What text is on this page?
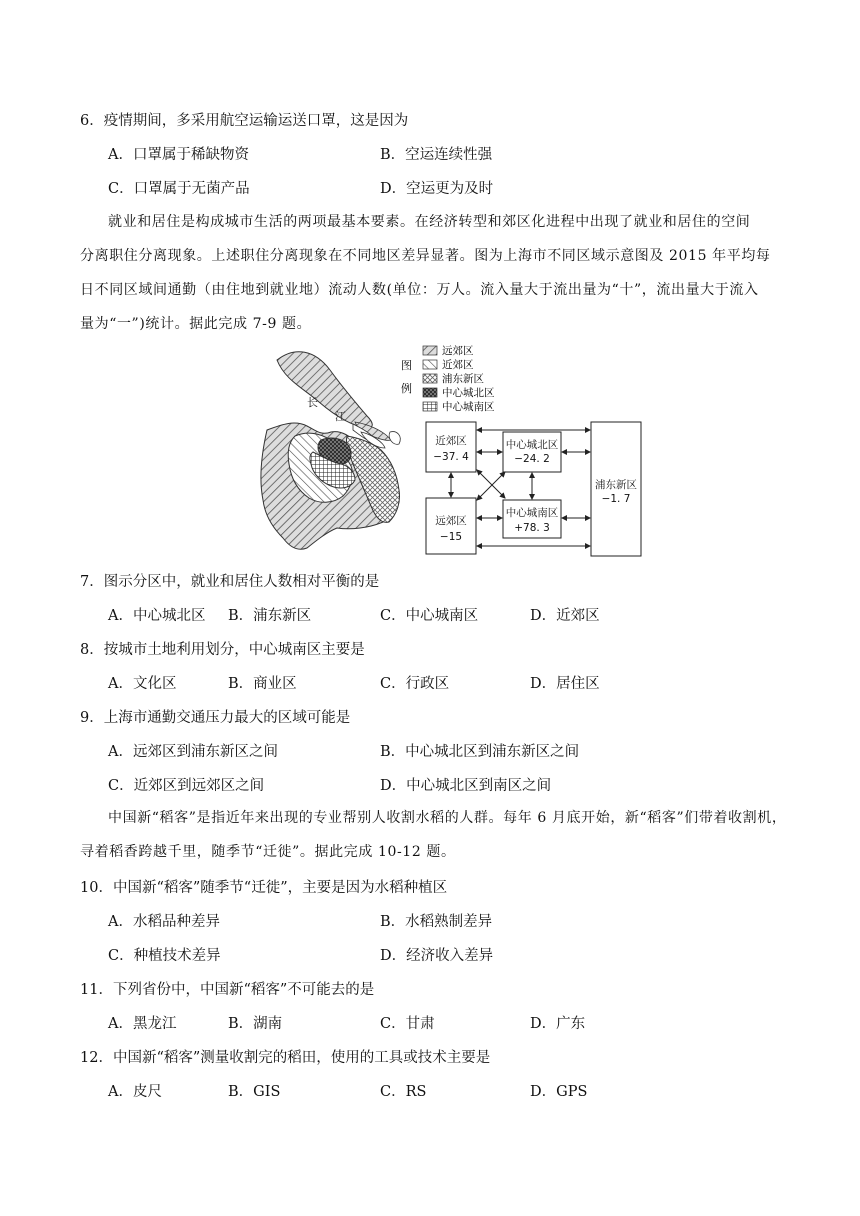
6．疫情期间，多采用航空运输运送口罩，这是因为
A．口罩属于稀缺物资	B．空运连续性强
C．口罩属于无菌产品	D．空运更为及时
就业和居住是构成城市生活的两项最基本要素。在经济转型和郊区化进程中出现了就业和居住的空间
分离职住分离现象。上述职住分离现象在不同地区差异显著。图为上海市不同区域示意图及 2015 年平均每
日不同区域间通勤（由住地到就业地）流动人数(单位：万人。流入量大于流出量为“十”，流出量大于流入
量为“一”)统计。据此完成 7-9 题。
长
江
图
例
远郊区
近郊区
浦东新区
中心城北区
中心城南区
近郊区
−37. 4
中心城北区
−24. 2
远郊区
−15
中心城南区
+78. 3
浦东新区
−1. 7
7．图示分区中，就业和居住人数相对平衡的是
A．中心城北区 B．浦东新区	C．中心城南区	D．近郊区
8．按城市土地利用划分，中心城南区主要是
A．文化区	B．商业区	C．行政区	D．居住区
9．上海市通勤交通压力最大的区域可能是
A．远郊区到浦东新区之间	B．中心城北区到浦东新区之间
C．近郊区到远郊区之间	D．中心城北区到南区之间
中国新“稻客”是指近年来出现的专业帮别人收割水稻的人群。每年 6 月底开始，新“稻客”们带着收割机，
寻着稻香跨越千里，随季节“迁徙”。据此完成 10-12 题。
10．中国新“稻客”随季节“迁徙”，主要是因为水稻种植区
A．水稻品种差异	B．水稻熟制差异
C．种植技术差异	D．经济收入差异
11．下列省份中，中国新“稻客”不可能去的是
A．黑龙江	B．湖南	C．甘肃	D．广东
12．中国新“稻客”测量收割完的稻田，使用的工具或技术主要是
A．皮尺	B．GIS	C．RS	D．GPS
